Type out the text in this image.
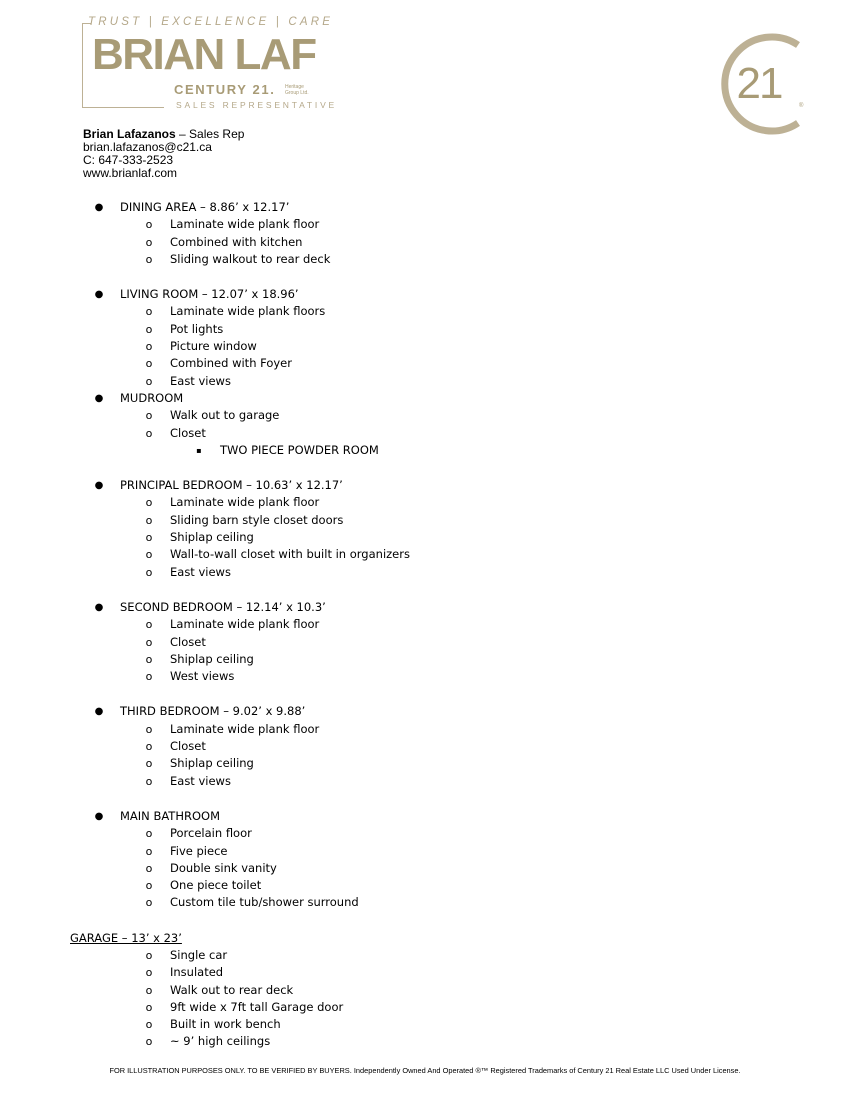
TRUST | EXCELLENCE | CARE
BRIAN LAF
CENTURY 21. Heritage Group Ltd.
SALES REPRESENTATIVE	21	®
Brian Lafazanos – Sales Rep
brian.lafazanos@c21.ca
C: 647-333-2523
www.brianlaf.com
● DINING AREA – 8.86’ x 12.17’
o Laminate wide plank floor
o Combined with kitchen
o Sliding walkout to rear deck
● LIVING ROOM – 12.07’ x 18.96’
o Laminate wide plank floors
o Pot lights
o Picture window
o Combined with Foyer
o East views
● MUDROOM
o Walk out to garage
o Closet
▪ TWO PIECE POWDER ROOM
● PRINCIPAL BEDROOM – 10.63’ x 12.17’
o Laminate wide plank floor
o Sliding barn style closet doors
o Shiplap ceiling
o Wall-to-wall closet with built in organizers
o East views
● SECOND BEDROOM – 12.14’ x 10.3’
o Laminate wide plank floor
o Closet
o Shiplap ceiling
o West views
● THIRD BEDROOM – 9.02’ x 9.88’
o Laminate wide plank floor
o Closet
o Shiplap ceiling
o East views
● MAIN BATHROOM
o Porcelain floor
o Five piece
o Double sink vanity
o One piece toilet
o Custom tile tub/shower surround
GARAGE – 13’ x 23’
o Single car
o Insulated
o Walk out to rear deck
o 9ft wide x 7ft tall Garage door
o Built in work bench
o ~ 9’ high ceilings
FOR ILLUSTRATION PURPOSES ONLY. TO BE VERIFIED BY BUYERS. Independently Owned And Operated ®™ Registered Trademarks of Century 21 Real Estate LLC Used Under License.
